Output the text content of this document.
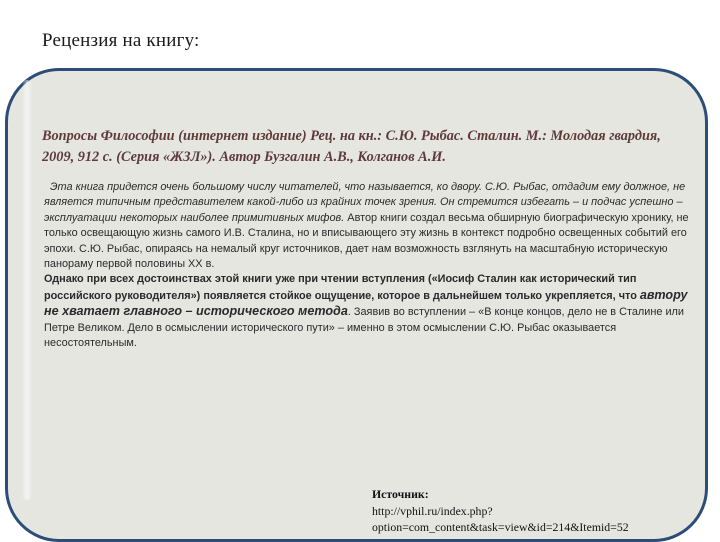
Рецензия на книгу:

Вопросы Философии (интернет издание) Рец. на кн.: С.Ю. Рыбас. Сталин. М.: Молодая гвардия, 2009, 912 с. (Серия «ЖЗЛ»). Автор Бузгалин А.В., Колганов А.И.

Эта книга придется очень большому числу читателей, что называется, ко двору. С.Ю. Рыбас, отдадим ему должное, не является типичным представителем какой-либо из крайних точек зрения. Он стремится избегать – и подчас успешно – эксплуатации некоторых наиболее примитивных мифов. Автор книги создал весьма обширную биографическую хронику, не только освещающую жизнь самого И.В. Сталина, но и вписывающего эту жизнь в контекст подробно освещенных событий его эпохи. С.Ю. Рыбас, опираясь на немалый круг источников, дает нам возможность взглянуть на масштабную историческую панораму первой половины XX в.
Однако при всех достоинствах этой книги уже при чтении вступления («Иосиф Сталин как исторический тип российского руководителя») появляется стойкое ощущение, которое в дальнейшем только укрепляется, что автору не хватает главного – исторического метода. Заявив во вступлении – «В конце концов, дело не в Сталине или Петре Великом. Дело в осмыслении исторического пути» – именно в этом осмыслении С.Ю. Рыбас оказывается несостоятельным.
Источник:
http://vphil.ru/index.php?option=com_content&task=view&id=214&Itemid=52
